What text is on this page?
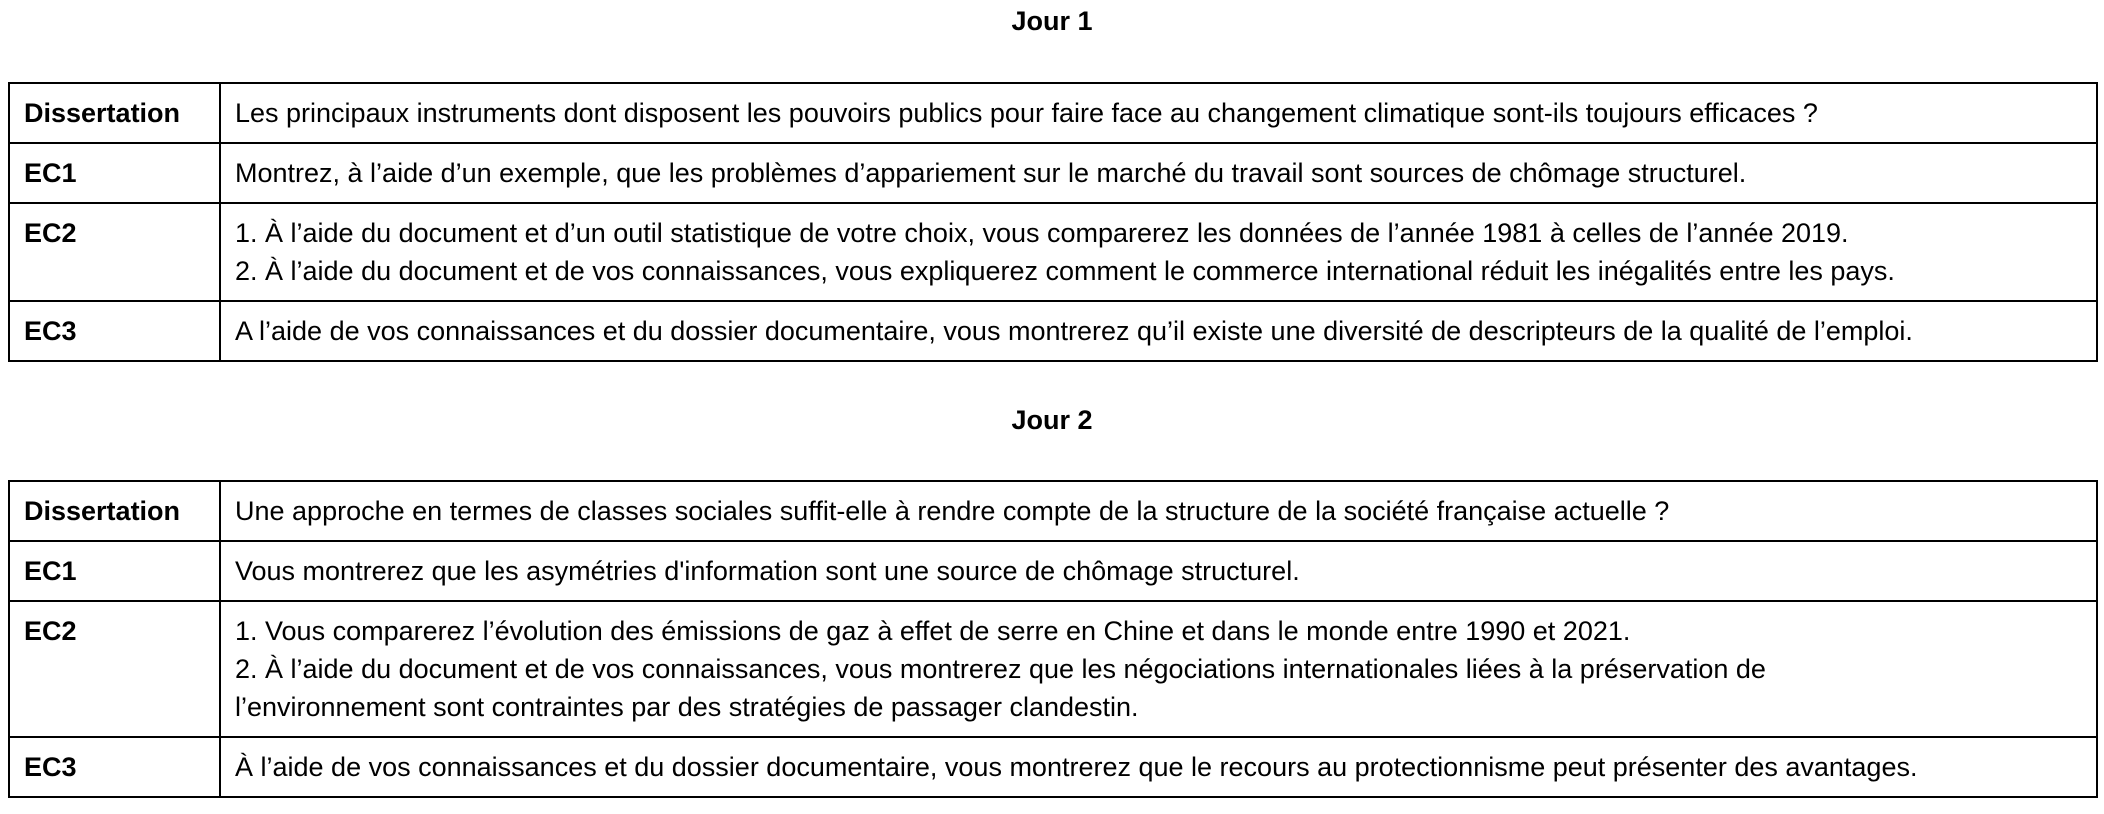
Jour 1
Dissertation	Les principaux instruments dont disposent les pouvoirs publics pour faire face au changement climatique sont-ils toujours efficaces ?

EC1	Montrez, à l’aide d’un exemple, que les problèmes d’appariement sur le marché du travail sont sources de chômage structurel.

EC2	1. À l’aide du document et d’un outil statistique de votre choix, vous comparerez les données de l’année 1981 à celles de l’année 2019.
2. À l’aide du document et de vos connaissances, vous expliquerez comment le commerce international réduit les inégalités entre les pays.

EC3	A l’aide de vos connaissances et du dossier documentaire, vous montrerez qu’il existe une diversité de descripteurs de la qualité de l’emploi.
Jour 2
Dissertation	Une approche en termes de classes sociales suffit-elle à rendre compte de la structure de la société française actuelle ?

EC1	Vous montrerez que les asymétries d'information sont une source de chômage structurel.

EC2	1. Vous comparerez l’évolution des émissions de gaz à effet de serre en Chine et dans le monde entre 1990 et 2021.
2. À l’aide du document et de vos connaissances, vous montrerez que les négociations internationales liées à la préservation de
l’environnement sont contraintes par des stratégies de passager clandestin.

EC3	À l’aide de vos connaissances et du dossier documentaire, vous montrerez que le recours au protectionnisme peut présenter des avantages.
